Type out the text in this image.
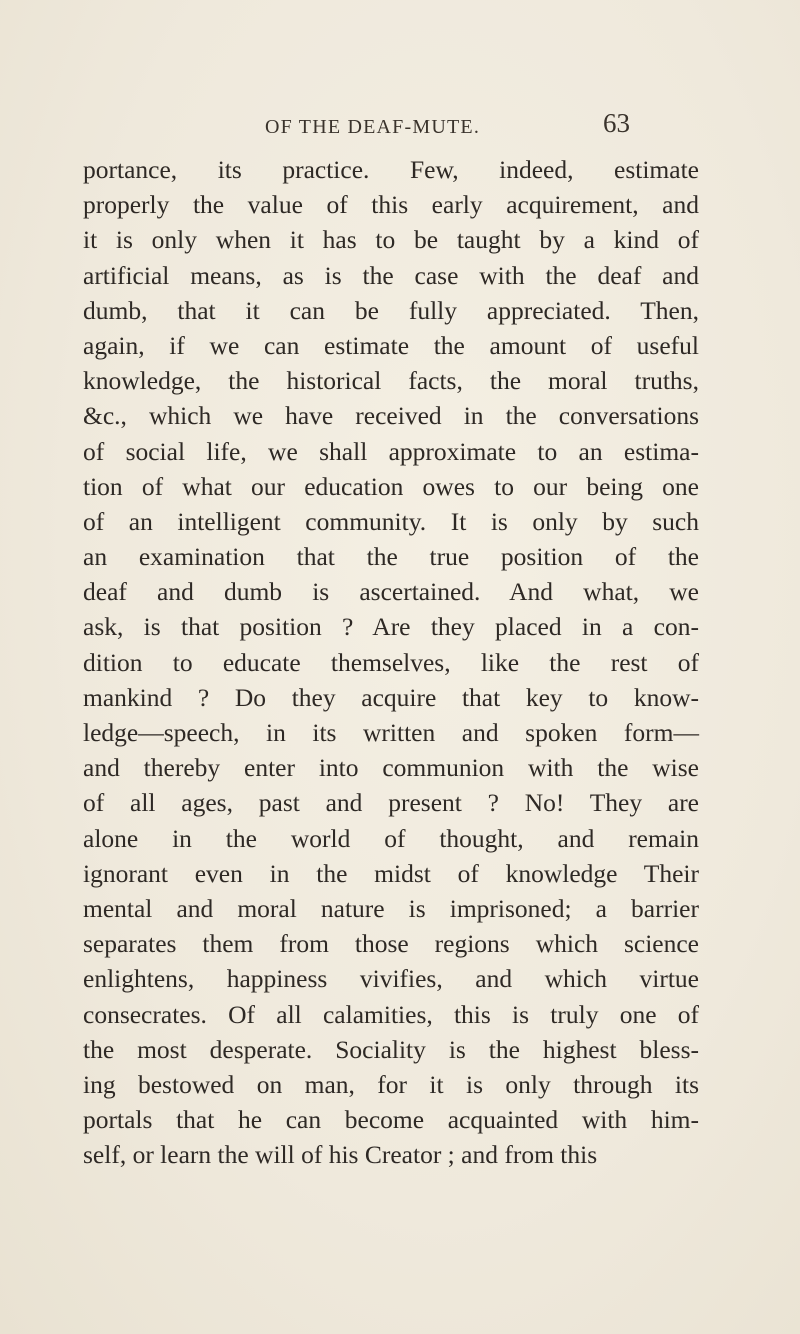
OF THE DEAF-MUTE.	63
portance, its practice. Few, indeed, estimate
properly the value of this early acquirement, and
it is only when it has to be taught by a kind of
artificial means, as is the case with the deaf and
dumb, that it can be fully appreciated. Then,
again, if we can estimate the amount of useful
knowledge, the historical facts, the moral truths,
&c., which we have received in the conversations
of social life, we shall approximate to an estima-
tion of what our education owes to our being one
of an intelligent community. It is only by such
an examination that the true position of the
deaf and dumb is ascertained. And what, we
ask, is that position ? Are they placed in a con-
dition to educate themselves, like the rest of
mankind ? Do they acquire that key to know-
ledge—speech, in its written and spoken form—
and thereby enter into communion with the wise
of all ages, past and present ? No! They are
alone in the world of thought, and remain
ignorant even in the midst of knowledge Their
mental and moral nature is imprisoned; a barrier
separates them from those regions which science
enlightens, happiness vivifies, and which virtue
consecrates. Of all calamities, this is truly one of
the most desperate. Sociality is the highest bless-
ing bestowed on man, for it is only through its
portals that he can become acquainted with him-
self, or learn the will of his Creator ; and from this
